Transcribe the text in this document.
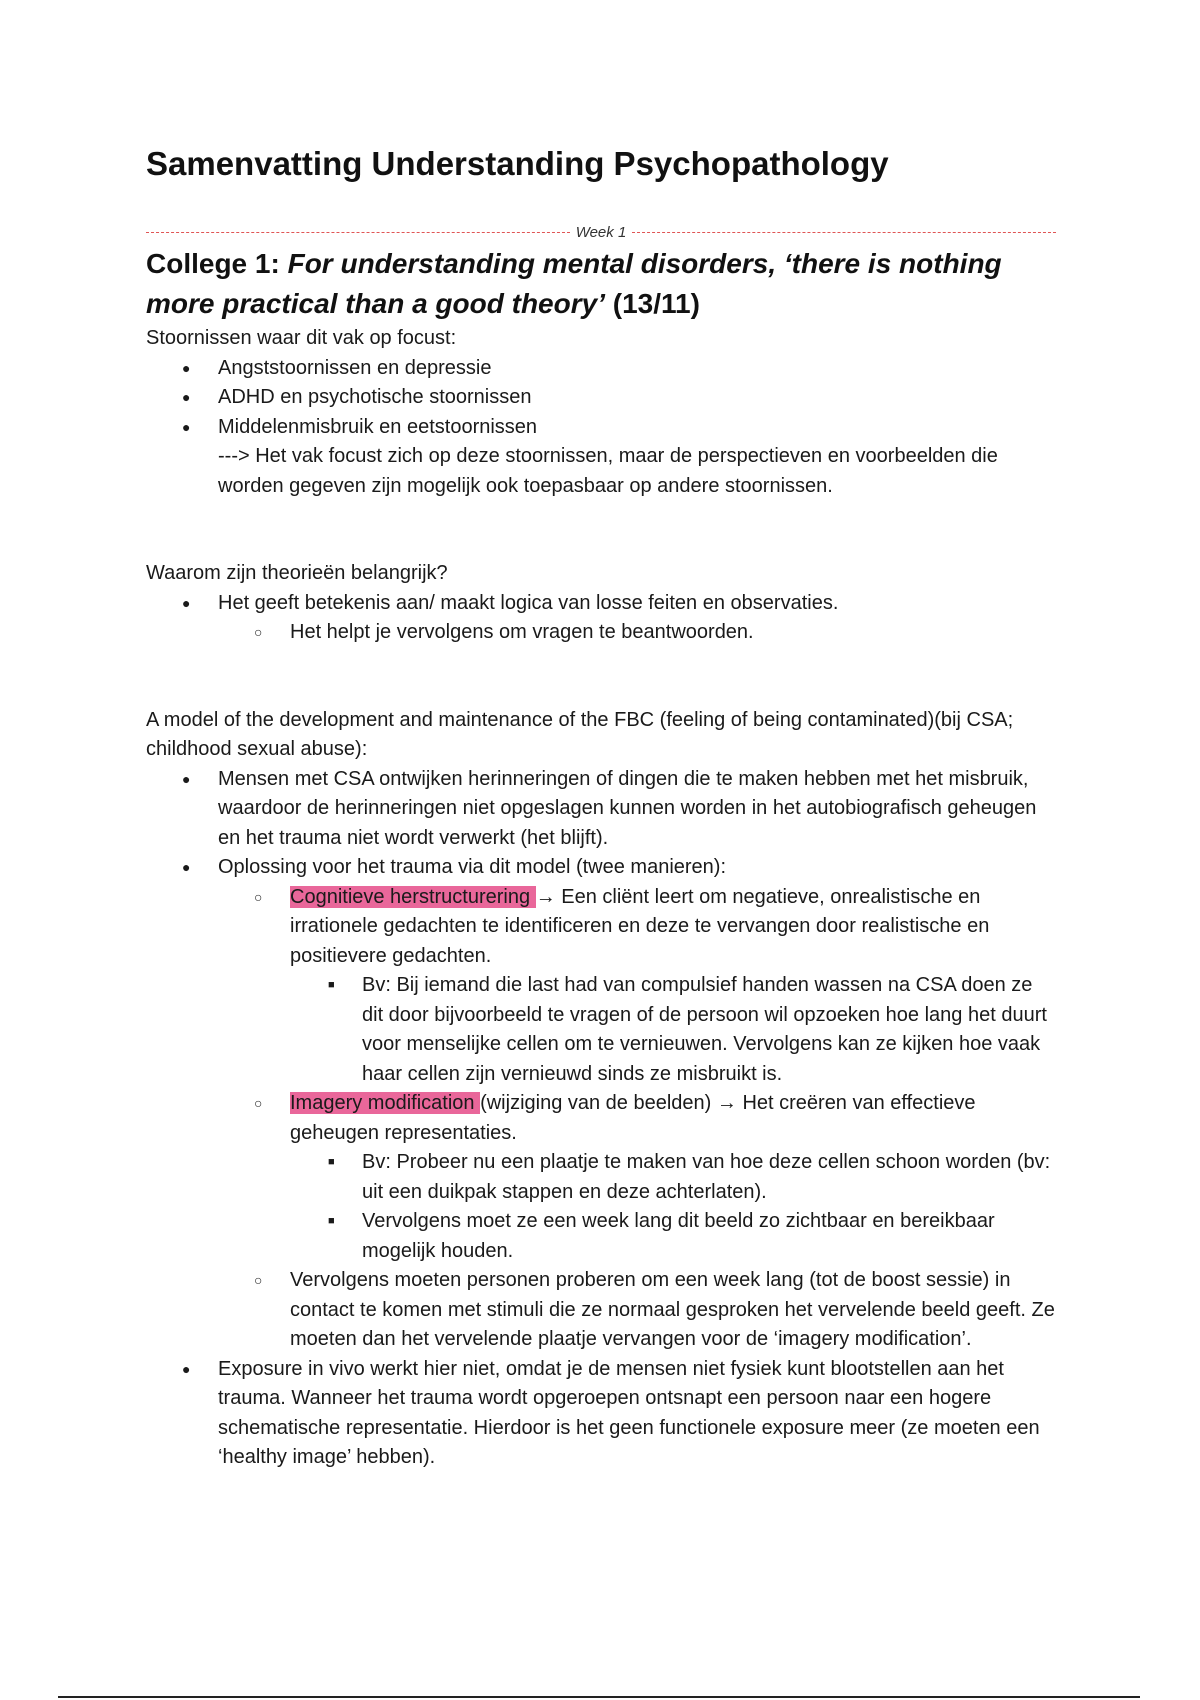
Samenvatting Understanding Psychopathology
Week 1
College 1: For understanding mental disorders, ‘there is nothing more practical than a good theory’ (13/11)

Stoornissen waar dit vak op focust:

● Angststoornissen en depressie
● ADHD en psychotische stoornissen
● Middelenmisbruik en eetstoornissen
---> Het vak focust zich op deze stoornissen, maar de perspectieven en voorbeelden die worden gegeven zijn mogelijk ook toepasbaar op andere stoornissen.

Waarom zijn theorieën belangrijk?

● Het geeft betekenis aan/ maakt logica van losse feiten en observaties.
○ Het helpt je vervolgens om vragen te beantwoorden.

A model of the development and maintenance of the FBC (feeling of being contaminated)(bij CSA; childhood sexual abuse):

● Mensen met CSA ontwijken herinneringen of dingen die te maken hebben met het misbruik, waardoor de herinneringen niet opgeslagen kunnen worden in het autobiografisch geheugen en het trauma niet wordt verwerkt (het blijft).
● Oplossing voor het trauma via dit model (twee manieren):
○ Cognitieve herstructurering → Een cliënt leert om negatieve, onrealistische en irrationele gedachten te identificeren en deze te vervangen door realistische en positievere gedachten.
■ Bv: Bij iemand die last had van compulsief handen wassen na CSA doen ze dit door bijvoorbeeld te vragen of de persoon wil opzoeken hoe lang het duurt voor menselijke cellen om te vernieuwen. Vervolgens kan ze kijken hoe vaak haar cellen zijn vernieuwd sinds ze misbruikt is.
○ Imagery modification (wijziging van de beelden) → Het creëren van effectieve geheugen representaties.
■ Bv: Probeer nu een plaatje te maken van hoe deze cellen schoon worden (bv: uit een duikpak stappen en deze achterlaten).
■ Vervolgens moet ze een week lang dit beeld zo zichtbaar en bereikbaar mogelijk houden.
○ Vervolgens moeten personen proberen om een week lang (tot de boost sessie) in contact te komen met stimuli die ze normaal gesproken het vervelende beeld geeft. Ze moeten dan het vervelende plaatje vervangen voor de ‘imagery modification’.
● Exposure in vivo werkt hier niet, omdat je de mensen niet fysiek kunt blootstellen aan het trauma. Wanneer het trauma wordt opgeroepen ontsnapt een persoon naar een hogere schematische representatie. Hierdoor is het geen functionele exposure meer (ze moeten een ‘healthy image’ hebben).
